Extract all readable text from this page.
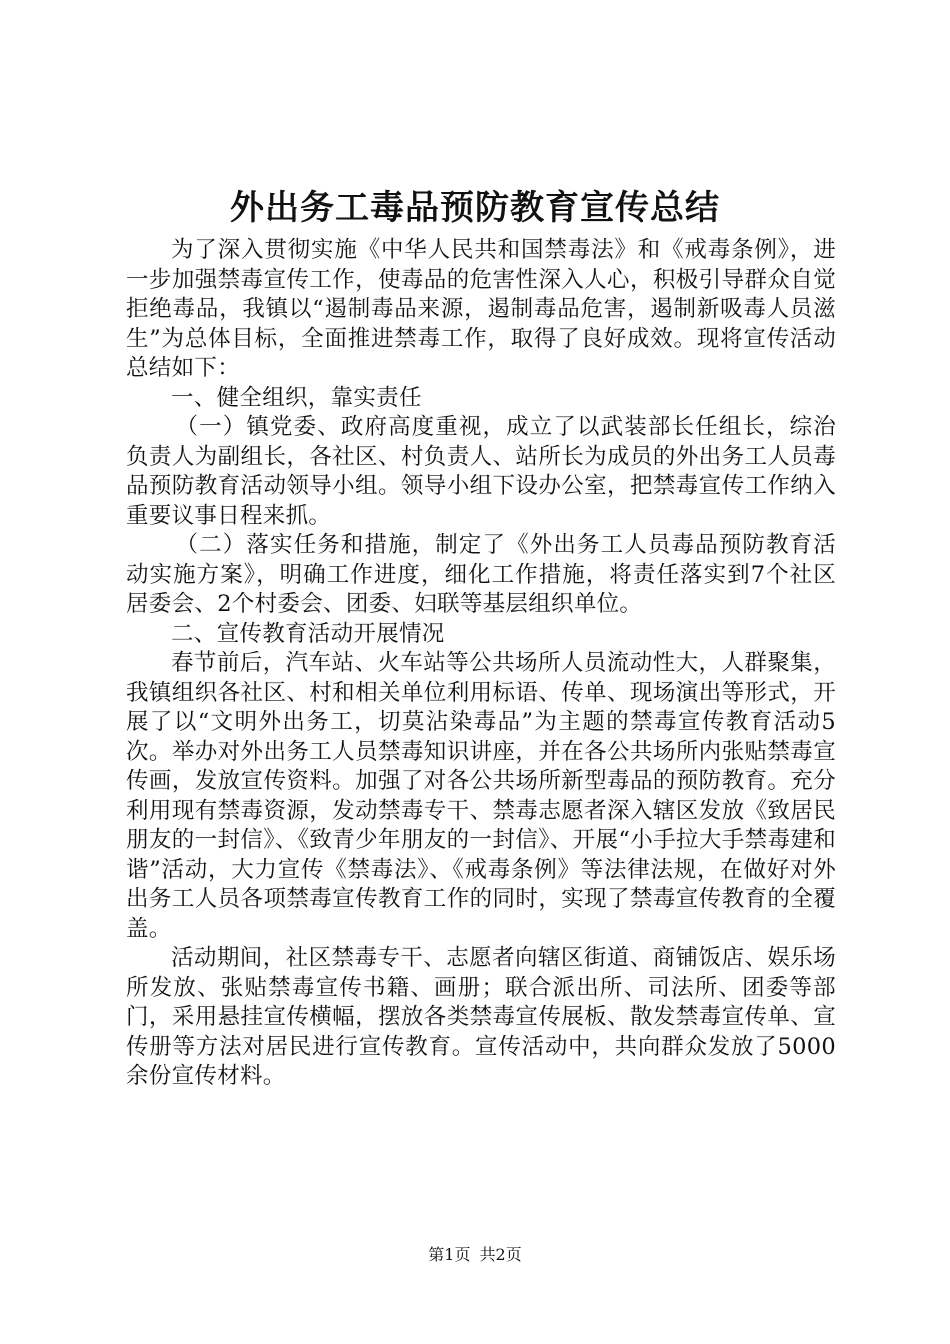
外出务工毒品预防教育宣传总结

为了深入贯彻实施《中华人民共和国禁毒法》和《戒毒条例》，进一步加强禁毒宣传工作，使毒品的危害性深入人心，积极引导群众自觉拒绝毒品，我镇以“遏制毒品来源，遏制毒品危害，遏制新吸毒人员滋生”为总体目标，全面推进禁毒工作，取得了良好成效。现将宣传活动总结如下：

一、健全组织，靠实责任

（一）镇党委、政府高度重视，成立了以武装部长任组长，综治负责人为副组长，各社区、村负责人、站所长为成员的外出务工人员毒品预防教育活动领导小组。领导小组下设办公室，把禁毒宣传工作纳入重要议事日程来抓。

（二）落实任务和措施，制定了《外出务工人员毒品预防教育活动实施方案》，明确工作进度，细化工作措施，将责任落实到7个社区居委会、2个村委会、团委、妇联等基层组织单位。

二、宣传教育活动开展情况

春节前后，汽车站、火车站等公共场所人员流动性大，人群聚集，我镇组织各社区、村和相关单位利用标语、传单、现场演出等形式，开展了以“文明外出务工，切莫沾染毒品”为主题的禁毒宣传教育活动5次。举办对外出务工人员禁毒知识讲座，并在各公共场所内张贴禁毒宣传画，发放宣传资料。加强了对各公共场所新型毒品的预防教育。充分利用现有禁毒资源，发动禁毒专干、禁毒志愿者深入辖区发放《致居民朋友的一封信》、《致青少年朋友的一封信》、开展“小手拉大手禁毒建和谐”活动，大力宣传《禁毒法》、《戒毒条例》等法律法规，在做好对外出务工人员各项禁毒宣传教育工作的同时，实现了禁毒宣传教育的全覆盖。

活动期间，社区禁毒专干、志愿者向辖区街道、商铺饭店、娱乐场所发放、张贴禁毒宣传书籍、画册；联合派出所、司法所、团委等部门，采用悬挂宣传横幅，摆放各类禁毒宣传展板、散发禁毒宣传单、宣传册等方法对居民进行宣传教育。宣传活动中，共向群众发放了5000余份宣传材料。

第1页 共2页
